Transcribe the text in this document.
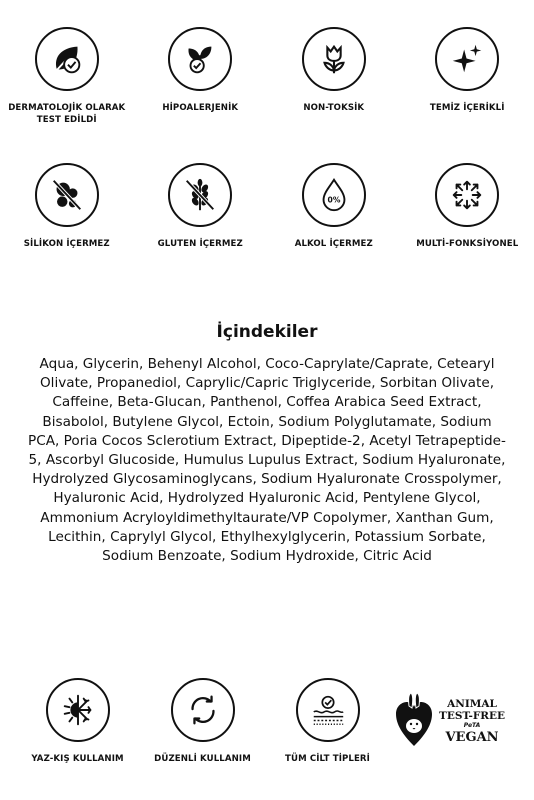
DERMATOLOJİK OLARAK
TEST EDİLDİ
HİPOALERJENİK	NON-TOKSİK	TEMİZ İÇERİKLİ
SİLİKON İÇERMEZ	GLUTEN İÇERMEZ
0%
ALKOL İÇERMEZ	MULTİ-FONKSİYONEL
İçindekiler

Aqua, Glycerin, Behenyl Alcohol, Coco-Caprylate/Caprate, Cetearyl Olivate, Propanediol, Caprylic/Capric Triglyceride, Sorbitan Olivate, Caffeine, Beta-Glucan, Panthenol, Coffea Arabica Seed Extract, Bisabolol, Butylene Glycol, Ectoin, Sodium Polyglutamate, Sodium PCA, Poria Cocos Sclerotium Extract, Dipeptide-2, Acetyl Tetrapeptide-5, Ascorbyl Glucoside, Humulus Lupulus Extract, Sodium Hyaluronate, Hydrolyzed Glycosaminoglycans, Sodium Hyaluronate Crosspolymer, Hyaluronic Acid, Hydrolyzed Hyaluronic Acid, Pentylene Glycol, Ammonium Acryloyldimethyltaurate/VP Copolymer, Xanthan Gum, Lecithin, Caprylyl Glycol, Ethylhexylglycerin, Potassium Sorbate, Sodium Benzoate, Sodium Hydroxide, Citric Acid

YAZ-KIŞ KULLANIM	DÜZENLİ KULLANIM	TÜM CİLT TİPLERİ
ANIMAL
TEST-FREE
PeTA
VEGAN
